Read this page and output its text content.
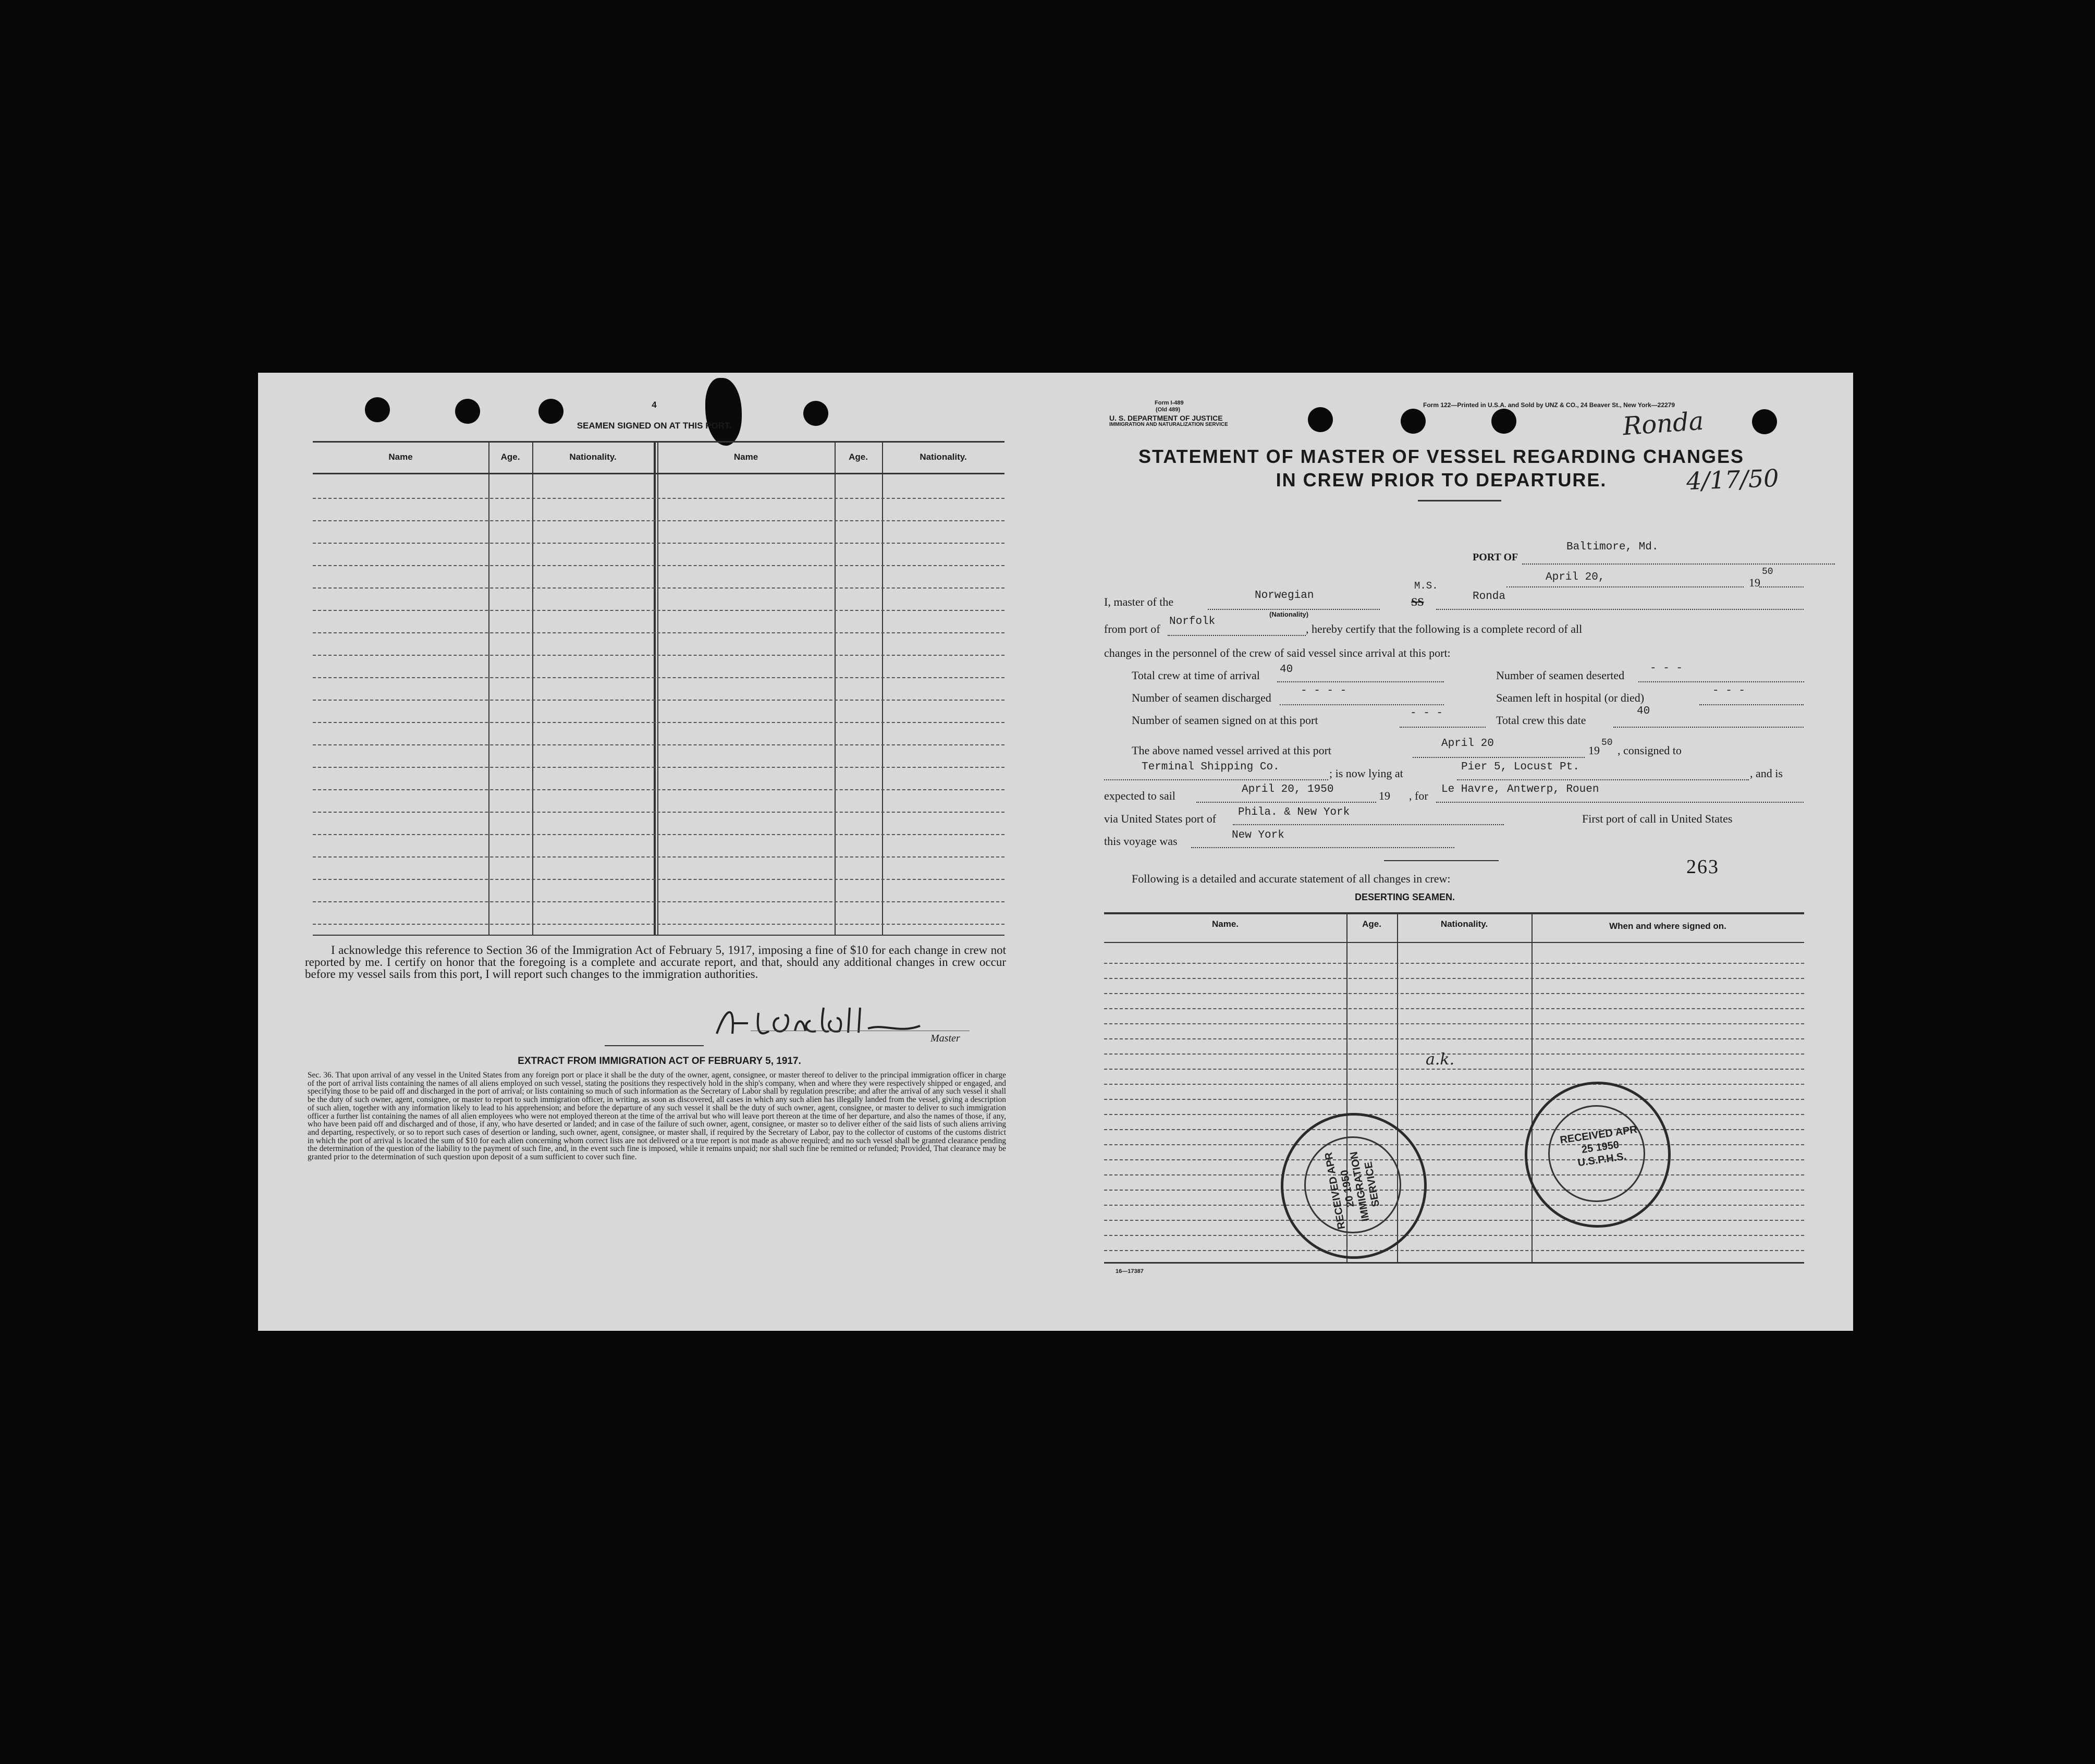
4
SEAMEN SIGNED ON AT THIS PORT.
Name	Age.	Nationality.	Name	Age.	Nationality.
I acknowledge this reference to Section 36 of the Immigration Act of February 5, 1917, imposing a fine of $10 for each change in crew not reported by me. I certify on honor that the foregoing is a complete and accurate report, and that, should any additional changes in crew occur before my vessel sails from this port, I will report such changes to the immigration authorities.
Master
EXTRACT FROM IMMIGRATION ACT OF FEBRUARY 5, 1917.
Sec. 36. That upon arrival of any vessel in the United States from any foreign port or place it shall be the duty of the owner, agent, consignee, or master thereof to deliver to the principal immigration officer in charge of the port of arrival lists containing the names of all aliens employed on such vessel, stating the positions they respectively hold in the ship's company, when and where they were respectively shipped or engaged, and specifying those to be paid off and discharged in the port of arrival; or lists containing so much of such information as the Secretary of Labor shall by regulation prescribe; and after the arrival of any such vessel it shall be the duty of such owner, agent, consignee, or master to report to such immigration officer, in writing, as soon as discovered, all cases in which any such alien has illegally landed from the vessel, giving a description of such alien, together with any information likely to lead to his apprehension; and before the departure of any such vessel it shall be the duty of such owner, agent, consignee, or master to deliver to such immigration officer a further list containing the names of all alien employees who were not employed thereon at the time of the arrival but who will leave port thereon at the time of her departure, and also the names of those, if any, who have been paid off and discharged and of those, if any, who have deserted or landed; and in case of the failure of such owner, agent, consignee, or master so to deliver either of the said lists of such aliens arriving and departing, respectively, or so to report such cases of desertion or landing, such owner, agent, consignee, or master shall, if required by the Secretary of Labor, pay to the collector of customs of the customs district in which the port of arrival is located the sum of $10 for each alien concerning whom correct lists are not delivered or a true report is not made as above required; and no such vessel shall be granted clearance pending the determination of the question of the liability to the payment of such fine, and, in the event such fine is imposed, while it remains unpaid; nor shall such fine be remitted or refunded; Provided, That clearance may be granted prior to the determination of such question upon deposit of a sum sufficient to cover such fine.
Form I-489
(Old 489)
U. S. DEPARTMENT OF JUSTICE
IMMIGRATION AND NATURALIZATION SERVICE
Form 122—Printed in U.S.A. and Sold by UNZ & CO., 24 Beaver St., New York—22279
Ronda
4/17/50
STATEMENT OF MASTER OF VESSEL REGARDING CHANGES
IN CREW PRIOR TO DEPARTURE.
PORT OF
Baltimore, Md.
April 20,	19
50
I, master of the	Norwegian
(Nationality)
M.S.
SS	Ronda
from port of
Norfolk
, hereby certify that the following is a complete record of all
changes in the personnel of the crew of said vessel since arrival at this port:
Total crew at time of arrival 40	Number of seamen deserted
- - -
Number of seamen discharged
- - - -
Seamen left in hospital (or died)
- - -
Number of seamen signed on at this port
- - -
Total crew this date
40
The above named vessel arrived at this port
April 20
19
50
, consigned to
Terminal Shipping Co.	; is now lying at	Pier 5, Locust Pt.	, and is
expected to sail	April 20, 1950	19 , for Le Havre, Antwerp, Rouen
via United States port of Phila. & New York	First port of call in United States
this voyage was	New York
263
Following is a detailed and accurate statement of all changes in crew:
DESERTING SEAMEN.
Name.	Age.	Nationality.	When and where signed on.
a.k.
RECEIVED APR 20 1950 IMMIGRATION SERVICE
RECEIVED APR 25 1950 U.S.P.H.S.
16—17387
